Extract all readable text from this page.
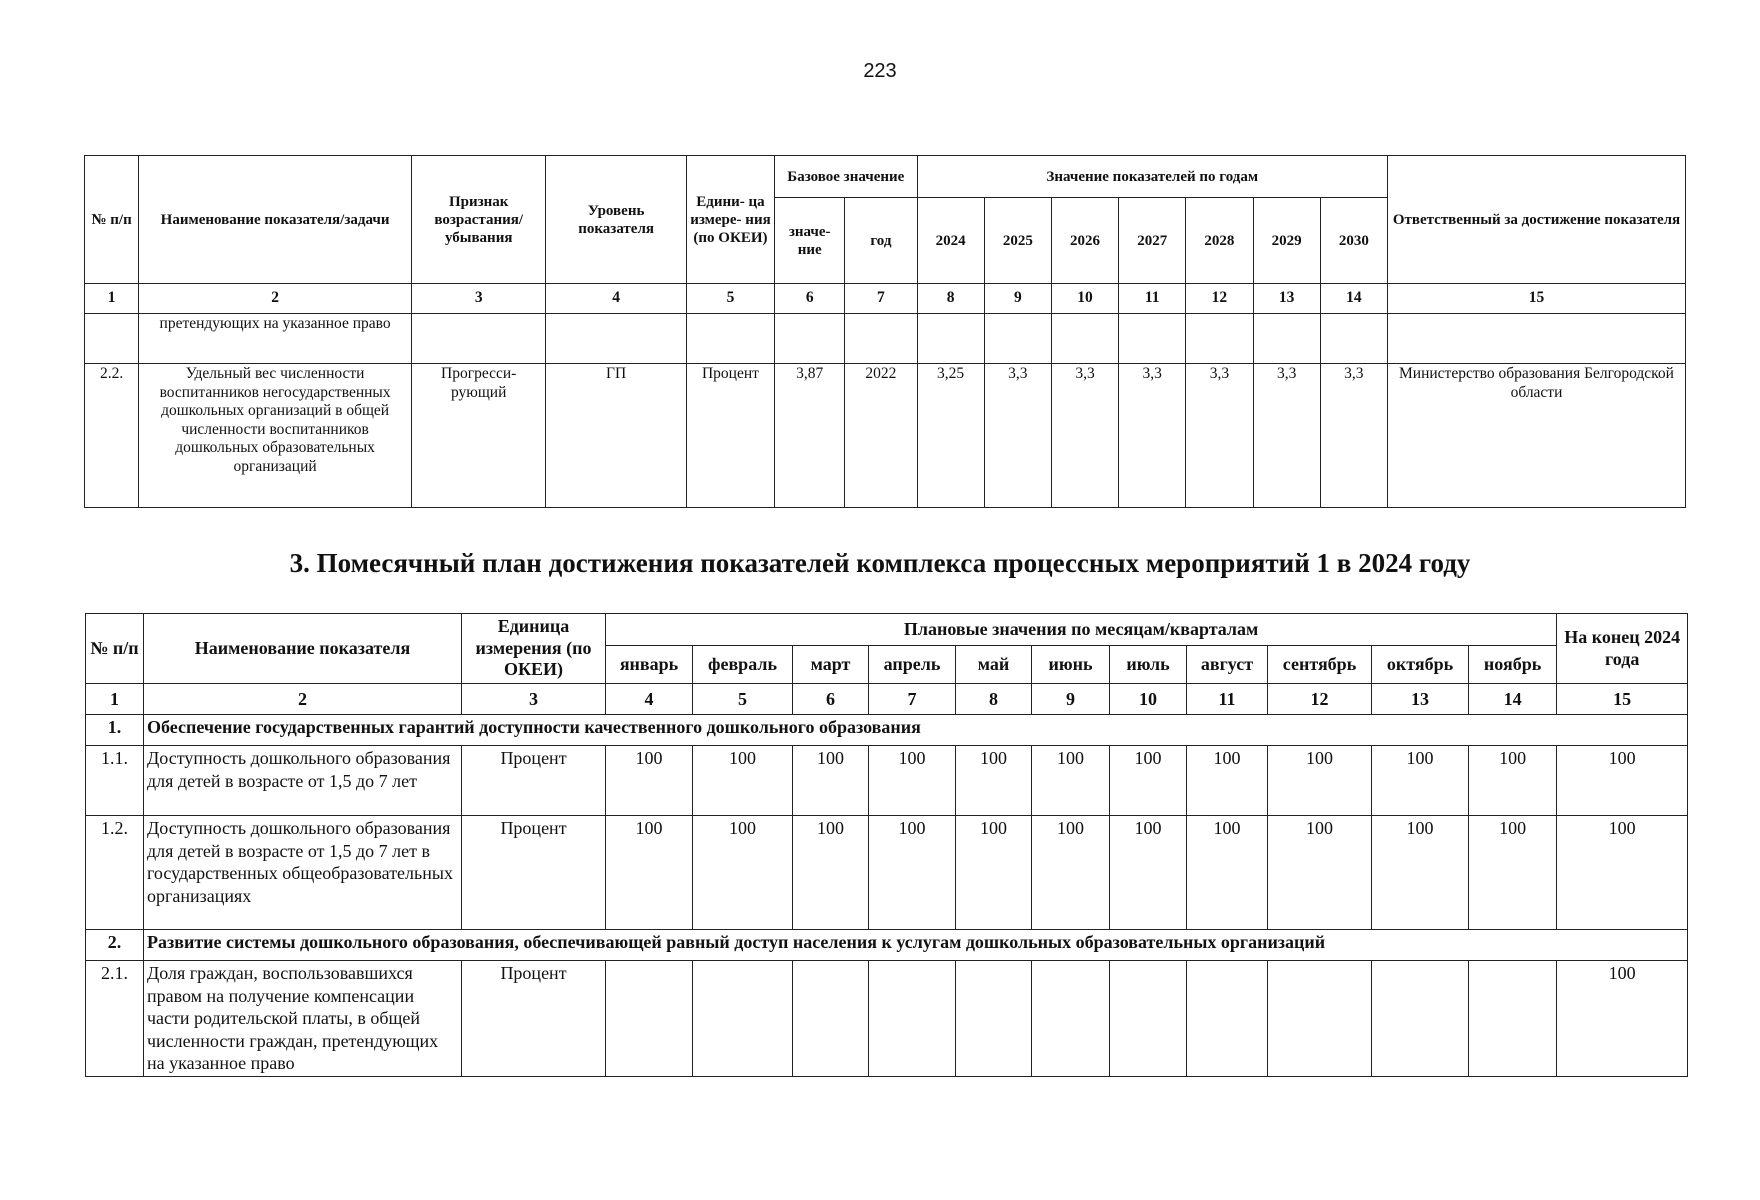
223
№ п/п	Наименование показателя/задачи	Признак возрастания/ убывания	Уровень показателя	Едини- ца измере- ния (по ОКЕИ)	Базовое значение		Значение показателей по годам							Ответственный за достижение показателя
					значе- ние	год	2024	2025	2026	2027	2028	2029	2030	
1	2	3	4	5	6	7	8	9	10	11	12	13	14	15
	претендующих на указанное право													
2.2.	Удельный вес численности воспитанников негосударственных дошкольных организаций в общей численности воспитанников дошкольных образовательных организаций	Прогресси- рующий	ГП	Процент	3,87	2022	3,25	3,3	3,3	3,3	3,3	3,3	3,3	Министерство образования Белгородской области
3. Помесячный план достижения показателей комплекса процессных мероприятий 1 в 2024 году
№ п/п	Наименование показателя	Единица измерения (по ОКЕИ)	Плановые значения по месяцам/кварталам											На конец 2024 года
			январь	февраль	март	апрель	май	июнь	июль	август	сентябрь	октябрь	ноябрь	
1	2	3	4	5	6	7	8	9	10	11	12	13	14	15
1.	Обеспечение государственных гарантий доступности качественного дошкольного образования													
1.1.	Доступность дошкольного образования для детей в возрасте от 1,5 до 7 лет	Процент	100	100	100	100	100	100	100	100	100	100	100	100
1.2.	Доступность дошкольного образования для детей в возрасте от 1,5 до 7 лет в государственных общеобразовательных организациях	Процент	100	100	100	100	100	100	100	100	100	100	100	100
2.	Развитие системы дошкольного образования, обеспечивающей равный доступ населения к услугам дошкольных образовательных организаций													
2.1.	Доля граждан, воспользовавшихся правом на получение компенсации части родительской платы, в общей численности граждан, претендующих на указанное право	Процент												100
